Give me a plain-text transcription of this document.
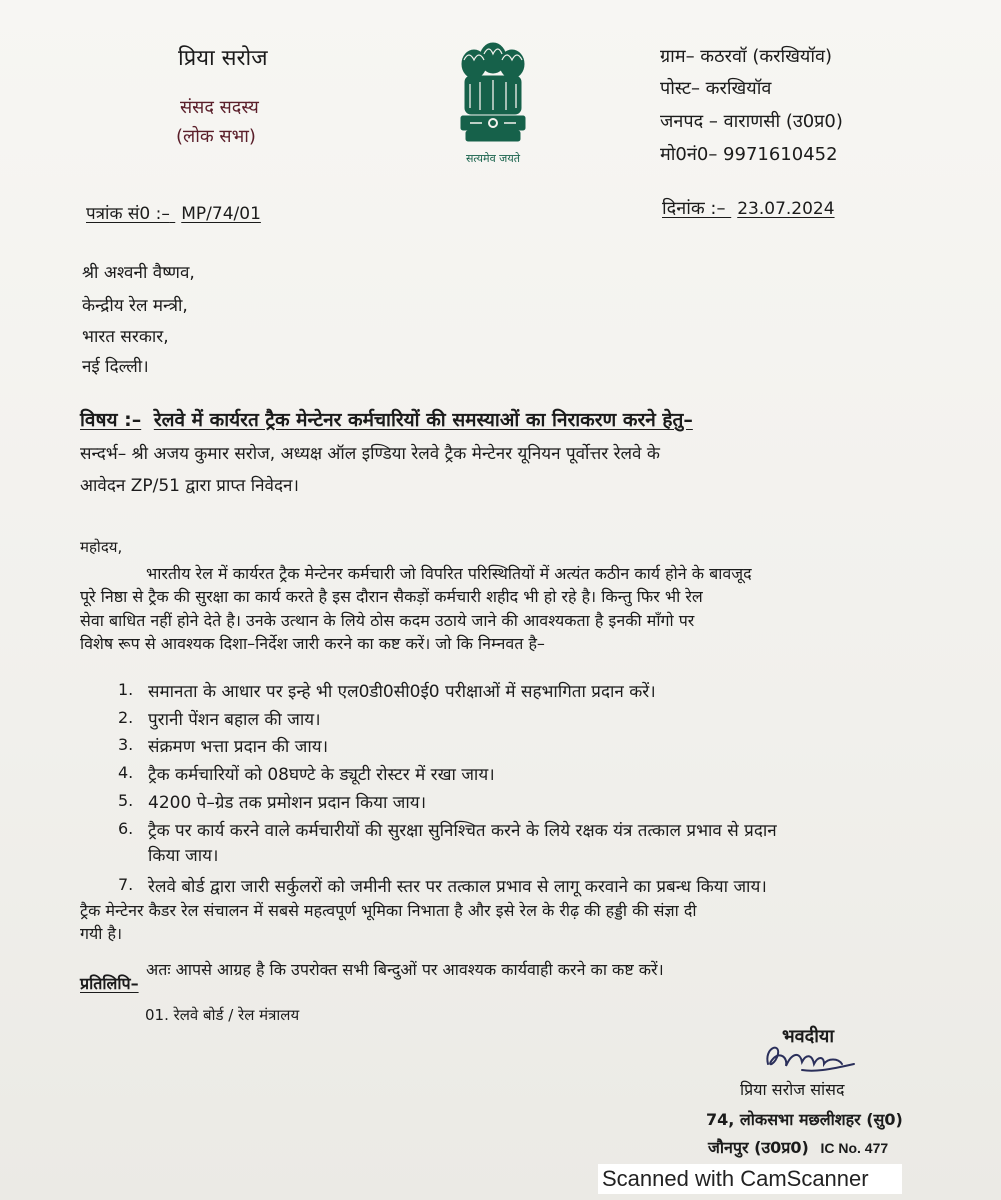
प्रिया सरोज
संसद सदस्य
(लोक सभा)
सत्यमेव जयते
ग्राम– कठरवॉ (करखियॉव)
पोस्ट– करखियॉव
जनपद – वाराणसी (उ0प्र0)
मो0नं0– 9971610452
पत्रांक सं0 :– MP/74/01	दिनांक :– 23.07.2024
श्री अश्वनी वैष्णव,
केन्द्रीय रेल मन्त्री,
भारत सरकार,
नई दिल्ली।
विषय :– रेलवे में कार्यरत ट्रैक मेन्टेनर कर्मचारियों की समस्याओं का निराकरण करने हेतु–
सन्दर्भ– श्री अजय कुमार सरोज, अध्यक्ष ऑल इण्डिया रेलवे ट्रैक मेन्टेनर यूनियन पूर्वोत्तर रेलवे के
आवेदन ZP/51 द्वारा प्राप्त निवेदन।
महोदय,
भारतीय रेल में कार्यरत ट्रैक मेन्टेनर कर्मचारी जो विपरित परिस्थितियों में अत्यंत कठीन कार्य होने के बावजूद
पूरे निष्ठा से ट्रैक की सुरक्षा का कार्य करते है इस दौरान सैकड़ों कर्मचारी शहीद भी हो रहे है। किन्तु फिर भी रेल
सेवा बाधित नहीं होने देते है। उनके उत्थान के लिये ठोस कदम उठाये जाने की आवश्यकता है इनकी मॉंगो पर
विशेष रूप से आवश्यक दिशा–निर्देश जारी करने का कष्ट करें। जो कि निम्नवत है–
1. समानता के आधार पर इन्हे भी एल0डी0सी0ई0 परीक्षाओं में सहभागिता प्रदान करें।
2. पुरानी पेंशन बहाल की जाय।
3. संक्रमण भत्ता प्रदान की जाय।
4. ट्रैक कर्मचारियों को 08घण्टे के ड्यूटी रोस्टर में रखा जाय।
5. 4200 पे–ग्रेड तक प्रमोशन प्रदान किया जाय।
6. ट्रैक पर कार्य करने वाले कर्मचारीयों की सुरक्षा सुनिश्चित करने के लिये रक्षक यंत्र तत्काल प्रभाव से प्रदान
किया जाय।
7. रेलवे बोर्ड द्वारा जारी सर्कुलरों को जमीनी स्तर पर तत्काल प्रभाव से लागू करवाने का प्रबन्ध किया जाय।
ट्रैक मेन्टेनर कैडर रेल संचालन में सबसे महत्वपूर्ण भूमिका निभाता है और इसे रेल के रीढ़ की हड्डी की संज्ञा दी
गयी है।
अतः आपसे आग्रह है कि उपरोक्त सभी बिन्दुओं पर आवश्यक कार्यवाही करने का कष्ट करें।
प्रतिलिपि–
01. रेलवे बोर्ड / रेल मंत्रालय
भवदीया
प्रिया सरोज सांसद
74, लोकसभा मछलीशहर (सु0)
जौनपुर (उ0प्र0) IC No. 477
Scanned with CamScanner
